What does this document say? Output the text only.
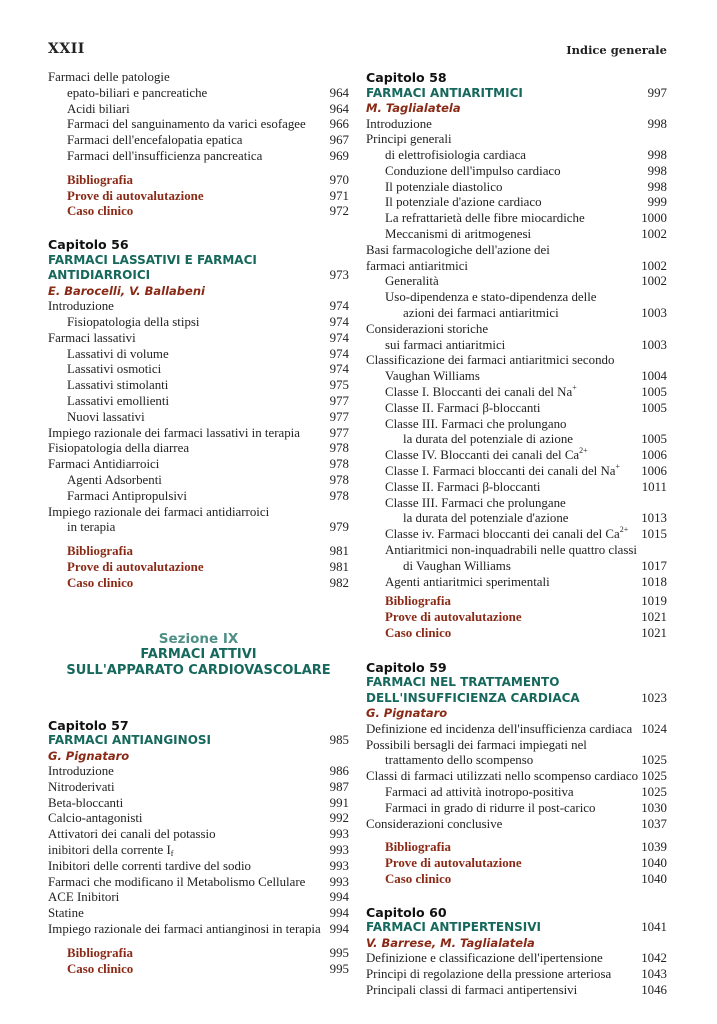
XXII	Indice generale
Farmaci delle patologie
epato-biliari e pancreatiche	964
Acidi biliari	964
Farmaci del sanguinamento da varici esofagee	966
Farmaci dell'encefalopatia epatica	967
Farmaci dell'insufficienza pancreatica	969
Bibliografia	970
Prove di autovalutazione	971
Caso clinico	972
Capitolo 56
FARMACI LASSATIVI E FARMACI
ANTIDIARROICI	973
E. Barocelli, V. Ballabeni
Introduzione	974
Fisiopatologia della stipsi	974
Farmaci lassativi	974
Lassativi di volume	974
Lassativi osmotici	974
Lassativi stimolanti	975
Lassativi emollienti	977
Nuovi lassativi	977
Impiego razionale dei farmaci lassativi in terapia	977
Fisiopatologia della diarrea	978
Farmaci Antidiarroici	978
Agenti Adsorbenti	978
Farmaci Antipropulsivi	978
Impiego razionale dei farmaci antidiarroici
in terapia	979
Bibliografia	981
Prove di autovalutazione	981
Caso clinico	982
Sezione IX
FARMACI ATTIVI
SULL'APPARATO CARDIOVASCOLARE
Capitolo 57
FARMACI ANTIANGINOSI	985
G. Pignataro
Introduzione	986
Nitroderivati	987
Beta-bloccanti	991
Calcio-antagonisti	992
Attivatori dei canali del potassio	993
inibitori della corrente $I_f$	993
Inibitori delle correnti tardive del sodio	993
Farmaci che modificano il Metabolismo Cellulare	993
ACE Inibitori	994
Statine	994
Impiego razionale dei farmaci antianginosi in terapia 994
Bibliografia	995
Caso clinico	995
Capitolo 58
FARMACI ANTIARITMICI	997
M. Taglialatela
Introduzione	998
Principi generali
di elettrofisiologia cardiaca	998
Conduzione dell'impulso cardiaco	998
Il potenziale diastolico	998
Il potenziale d'azione cardiaco	999
La refrattarietà delle fibre miocardiche	1000
Meccanismi di aritmogenesi	1002
Basi farmacologiche dell'azione dei
farmaci antiaritmici	1002
Generalità	1002
Uso-dipendenza e stato-dipendenza delle
azioni dei farmaci antiaritmici	1003
Considerazioni storiche
sui farmaci antiaritmici	1003
Classificazione dei farmaci antiaritmici secondo
Vaughan Williams	1004
Classe I. Bloccanti dei canali del Na+	1005
Classe II. Farmaci β-bloccanti	1005
Classe III. Farmaci che prolungano
la durata del potenziale di azione	1005
Classe IV. Bloccanti dei canali del $Ca^{2+}$	1006
Classe I. Farmaci bloccanti dei canali del Na+	1006
Classe II. Farmaci β-bloccanti	1011
Classe III. Farmaci che prolungane
la durata del potenziale d'azione	1013
Classe iv. Farmaci bloccanti dei canali del $Ca^{2+}$	1015
Antiaritmici non-inquadrabili nelle quattro classi
di Vaughan Williams	1017
Agenti antiaritmici sperimentali	1018
Bibliografia	1019
Prove di autovalutazione	1021
Caso clinico	1021
Capitolo 59
FARMACI NEL TRATTAMENTO
DELL'INSUFFICIENZA CARDIACA	1023
G. Pignataro
Definizione ed incidenza dell'insufficienza cardiaca 1024
Possibili bersagli dei farmaci impiegati nel
trattamento dello scompenso	1025
Classi di farmaci utilizzati nello scompenso cardiaco 1025
Farmaci ad attività inotropo-positiva	1025
Farmaci in grado di ridurre il post-carico	1030
Considerazioni conclusive	1037
Bibliografia	1039
Prove di autovalutazione	1040
Caso clinico	1040
Capitolo 60
FARMACI ANTIPERTENSIVI	1041
V. Barrese, M. Taglialatela
Definizione e classificazione dell'ipertensione	1042
Principi di regolazione della pressione arteriosa	1043
Principali classi di farmaci antipertensivi	1046
